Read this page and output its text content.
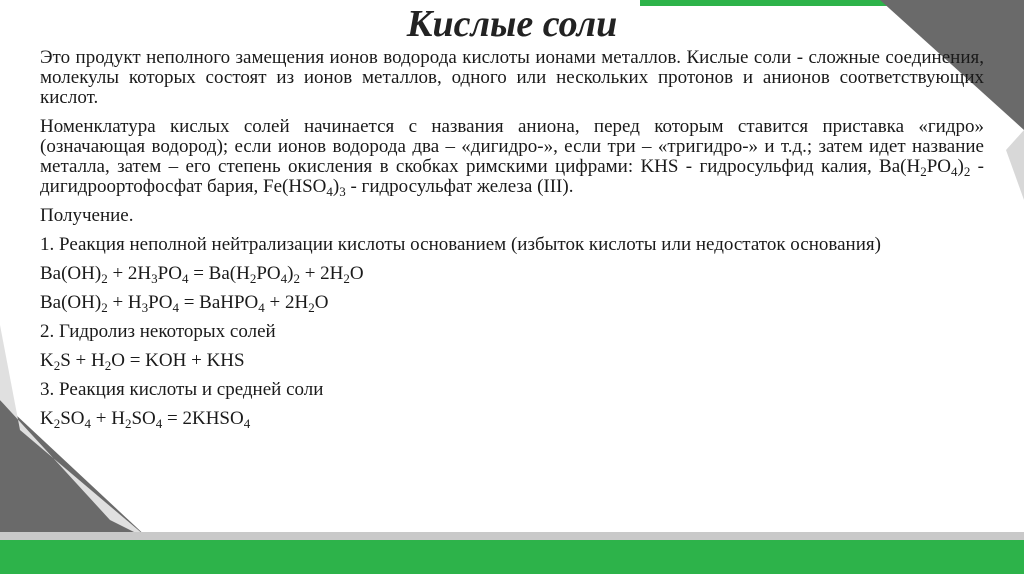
Кислые соли

Это продукт неполного замещения ионов водорода кислоты ионами металлов. Кислые соли - сложные соединения, молекулы которых состоят из ионов металлов, одного или нескольких протонов и анионов соответствующих кислот.

Номенклатура кислых солей начинается с названия аниона, перед которым ставится приставка «гидро» (означающая водород); если ионов водорода два – «дигидро-», если три – «тригидро-» и т.д.; затем идет название металла, затем – его степень окисления в скобках римскими цифрами: KHS - гидросульфид калия, $Ba(H_2PO_4)_2$ - дигидроортофосфат бария, $Fe(HSO_4)_3$ - гидросульфат железа (III).

Получение.

1. Реакция неполной нейтрализации кислоты основанием (избыток кислоты или недостаток основания)

$Ba(OH)_2 + 2H_3PO_4 = Ba(H_2PO_4)_2 + 2H_2O$

$Ba(OH)_2 + H_3PO_4$ = BaHPO$_4$ + $2H_2O$

2. Гидролиз некоторых солей

$K_2S + H_2O$ = KOH + KHS

3. Реакция кислоты и средней соли

$K_2SO_4 + H_2SO_4$ = $2KHSO_4$
